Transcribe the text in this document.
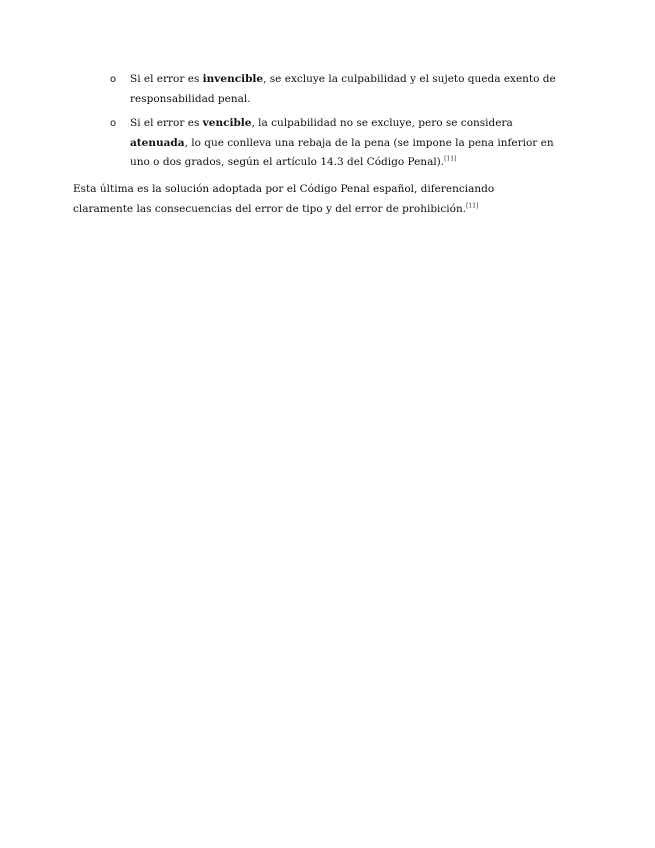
o Si el error es invencible, se excluye la culpabilidad y el sujeto queda exento de responsabilidad penal.
o Si el error es vencible, la culpabilidad no se excluye, pero se considera atenuada, lo que conlleva una rebaja de la pena (se impone la pena inferior en uno o dos grados, según el artículo 14.3 del Código Penal).[11]

Esta última es la solución adoptada por el Código Penal español, diferenciando claramente las consecuencias del error de tipo y del error de prohibición.[11]
